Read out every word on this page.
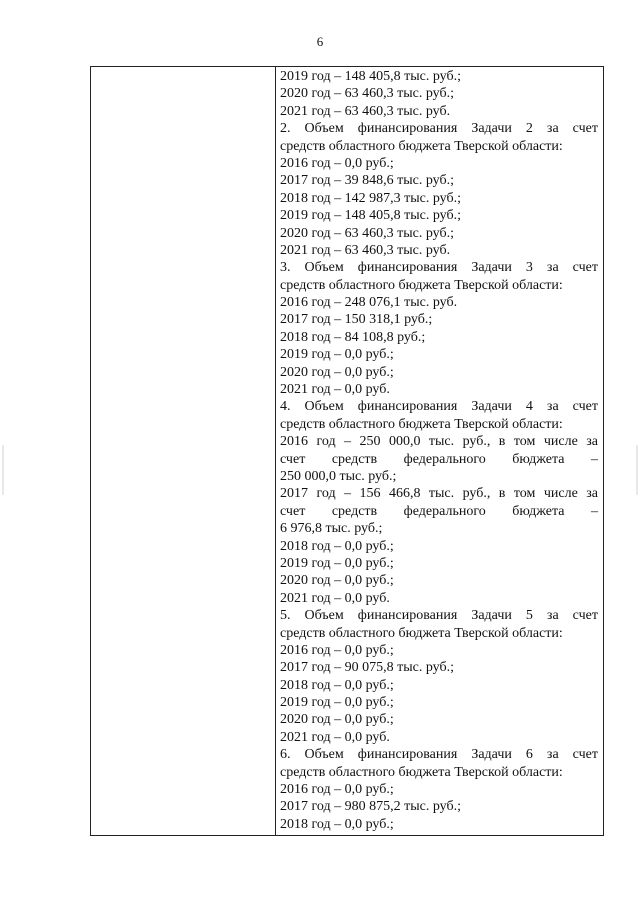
6
2019 год – 148 405,8 тыс. руб.;
2020 год – 63 460,3 тыс. руб.;
2021 год – 63 460,3 тыс. руб.
2. Объем финансирования Задачи 2 за счет
средств областного бюджета Тверской области:
2016 год – 0,0 руб.;
2017 год – 39 848,6 тыс. руб.;
2018 год – 142 987,3 тыс. руб.;
2019 год – 148 405,8 тыс. руб.;
2020 год – 63 460,3 тыс. руб.;
2021 год – 63 460,3 тыс. руб.
3. Объем финансирования Задачи 3 за счет
средств областного бюджета Тверской области:
2016 год – 248 076,1 тыс. руб.
2017 год – 150 318,1 руб.;
2018 год – 84 108,8 руб.;
2019 год – 0,0 руб.;
2020 год – 0,0 руб.;
2021 год – 0,0 руб.
4. Объем финансирования Задачи 4 за счет
средств областного бюджета Тверской области:
2016 год – 250 000,0 тыс. руб., в том числе за
счет средств федерального бюджета –
250 000,0 тыс. руб.;
2017 год – 156 466,8 тыс. руб., в том числе за
счет средств федерального бюджета –
6 976,8 тыс. руб.;
2018 год – 0,0 руб.;
2019 год – 0,0 руб.;
2020 год – 0,0 руб.;
2021 год – 0,0 руб.
5. Объем финансирования Задачи 5 за счет
средств областного бюджета Тверской области:
2016 год – 0,0 руб.;
2017 год – 90 075,8 тыс. руб.;
2018 год – 0,0 руб.;
2019 год – 0,0 руб.;
2020 год – 0,0 руб.;
2021 год – 0,0 руб.
6. Объем финансирования Задачи 6 за счет
средств областного бюджета Тверской области:
2016 год – 0,0 руб.;
2017 год – 980 875,2 тыс. руб.;
2018 год – 0,0 руб.;
